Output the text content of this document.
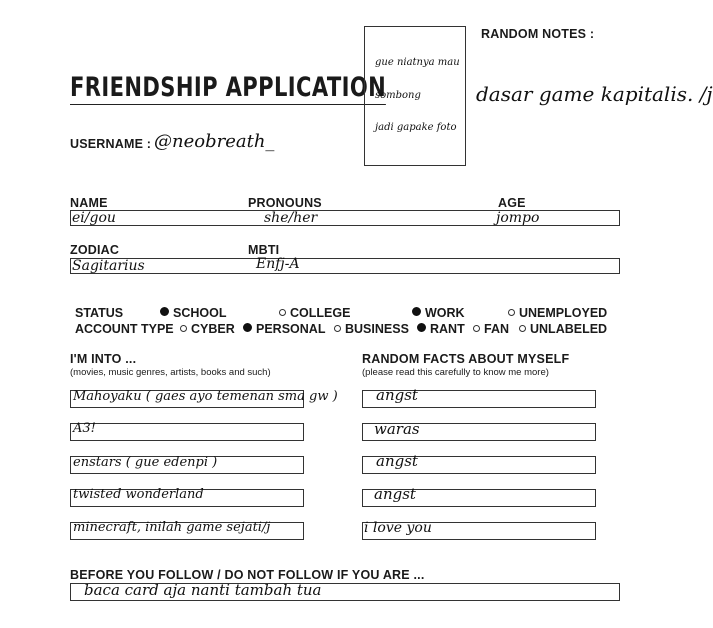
FRIENDSHIP APPLICATION
USERNAME : @neobreath_
gue niatnya mau
sombong
jadi gapake foto
RANDOM NOTES :
dasar game kapitalis. /j
NAME	PRONOUNS	AGE
ei/gou	she/her	jompo
ZODIAC	MBTI
Sagitarius	Enfj-A
STATUS	SCHOOL	COLLEGE	WORK	UNEMPLOYED
ACCOUNT TYPE	CYBER	PERSONAL	BUSINESS	RANT	FAN	UNLABELED
I'M INTO ...
(movies, music genres, artists, books and such)
Mahoyaku ( gaes ayo temenan sma gw )
A3!
enstars ( gue edenpi )
twisted wonderland
minecraft, inilah game sejati/j
RANDOM FACTS ABOUT MYSELF
(please read this carefully to know me more)
angst
waras
angst
angst
i love you
BEFORE YOU FOLLOW / DO NOT FOLLOW IF YOU ARE ...
baca card aja nanti tambah tua
